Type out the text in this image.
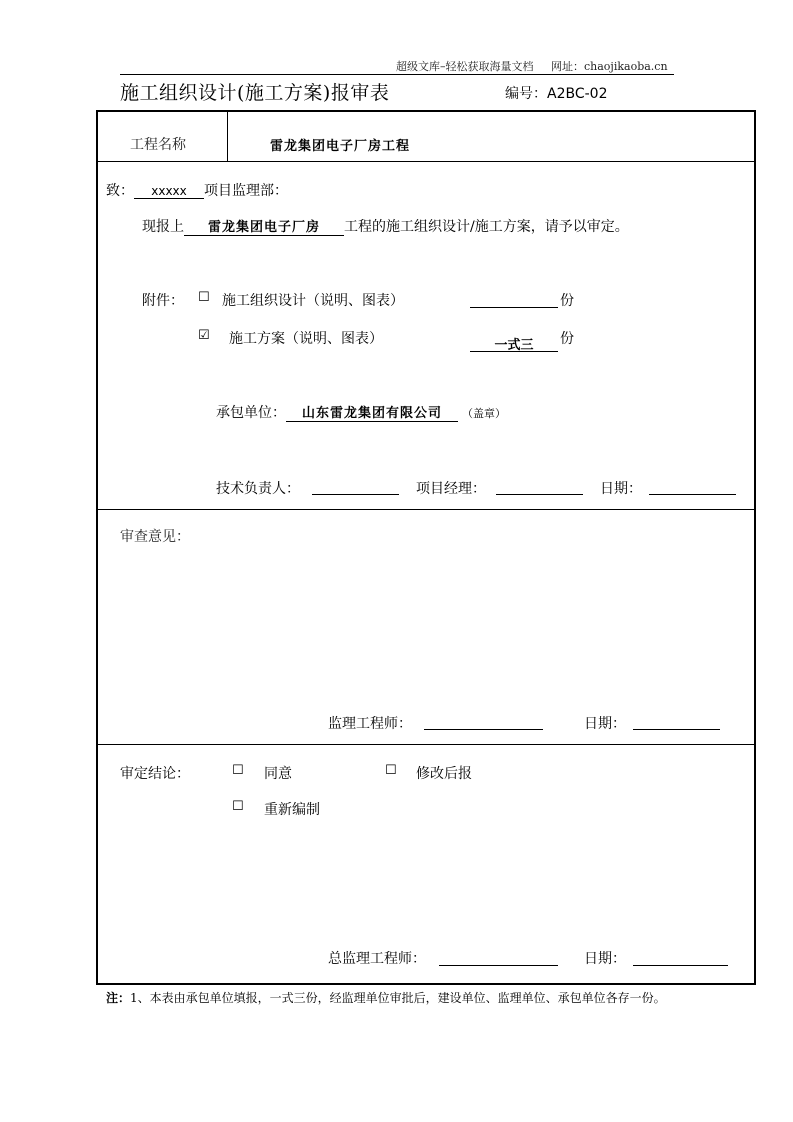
超级文库–轻松获取海量文档 网址：chaojikaoba.cn
施工组织设计(施工方案)报审表	编号：A2BC-02
工程名称	雷龙集团电子厂房工程
致： xxxxx 项目监理部：
现报上 雷龙集团电子厂房 工程的施工组织设计/施工方案，请予以审定。
附件： ☐ 施工组织设计（说明、图表）	份
☑ 施工方案（说明、图表）	一式三	份
承包单位： 山东雷龙集团有限公司 （盖章）
技术负责人：	项目经理：	日期：
审查意见：
监理工程师：	日期：
审定结论：	☐ 同意	☐ 修改后报
☐ 重新编制
总监理工程师：	日期：
注：1、本表由承包单位填报，一式三份，经监理单位审批后，建设单位、监理单位、承包单位各存一份。
